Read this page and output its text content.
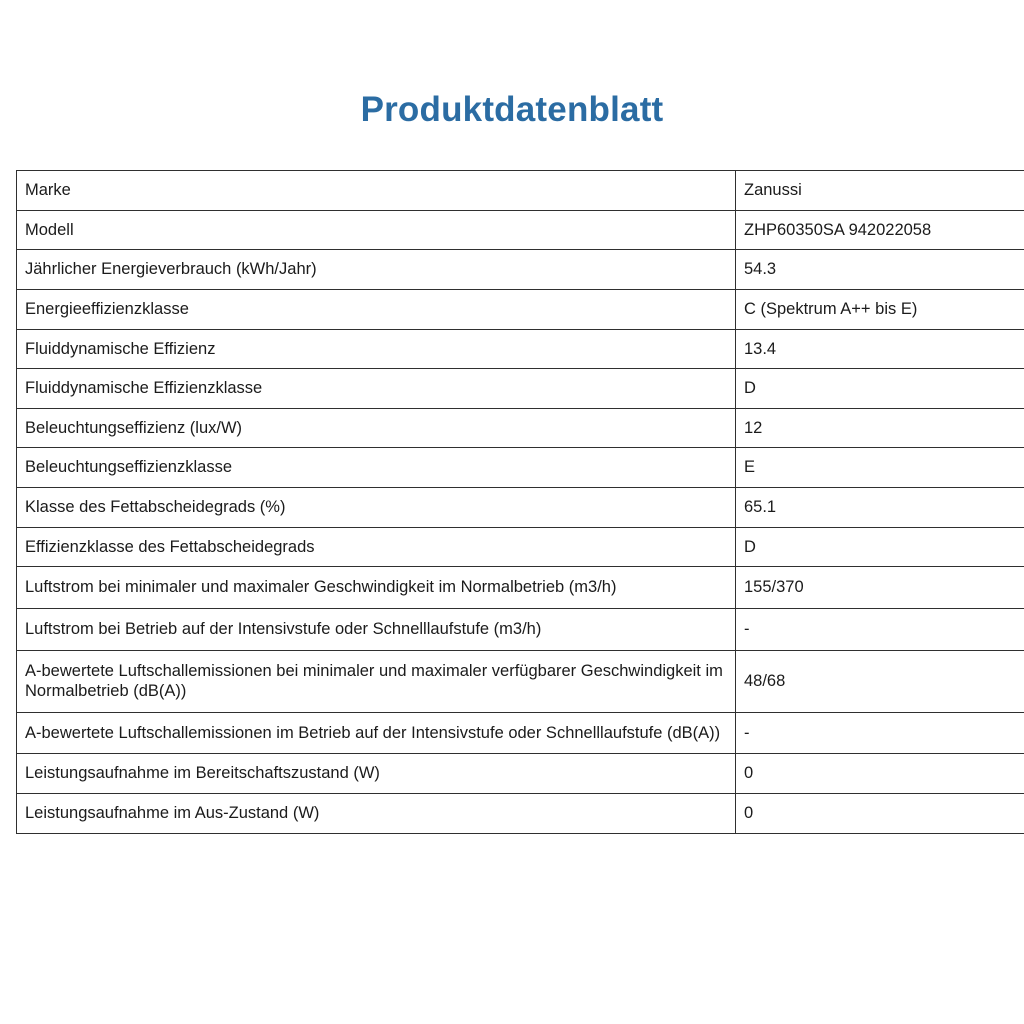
Produktdatenblatt
Marke	Zanussi
Modell	ZHP60350SA 942022058
Jährlicher Energieverbrauch (kWh/Jahr)	54.3
Energieeffizienzklasse	C (Spektrum A++ bis E)
Fluiddynamische Effizienz	13.4
Fluiddynamische Effizienzklasse	D
Beleuchtungseffizienz (lux/W)	12
Beleuchtungseffizienzklasse	E
Klasse des Fettabscheidegrads (%)	65.1
Effizienzklasse des Fettabscheidegrads	D
Luftstrom bei minimaler und maximaler Geschwindigkeit im Normalbetrieb (m3/h)	155/370
Luftstrom bei Betrieb auf der Intensivstufe oder Schnelllaufstufe (m3/h)	-
A-bewertete Luftschallemissionen bei minimaler und maximaler verfügbarer Geschwindigkeit im Normalbetrieb (dB(A))	48/68
A-bewertete Luftschallemissionen im Betrieb auf der Intensivstufe oder Schnelllaufstufe (dB(A))	-
Leistungsaufnahme im Bereitschaftszustand (W)	0
Leistungsaufnahme im Aus-Zustand (W)	0
